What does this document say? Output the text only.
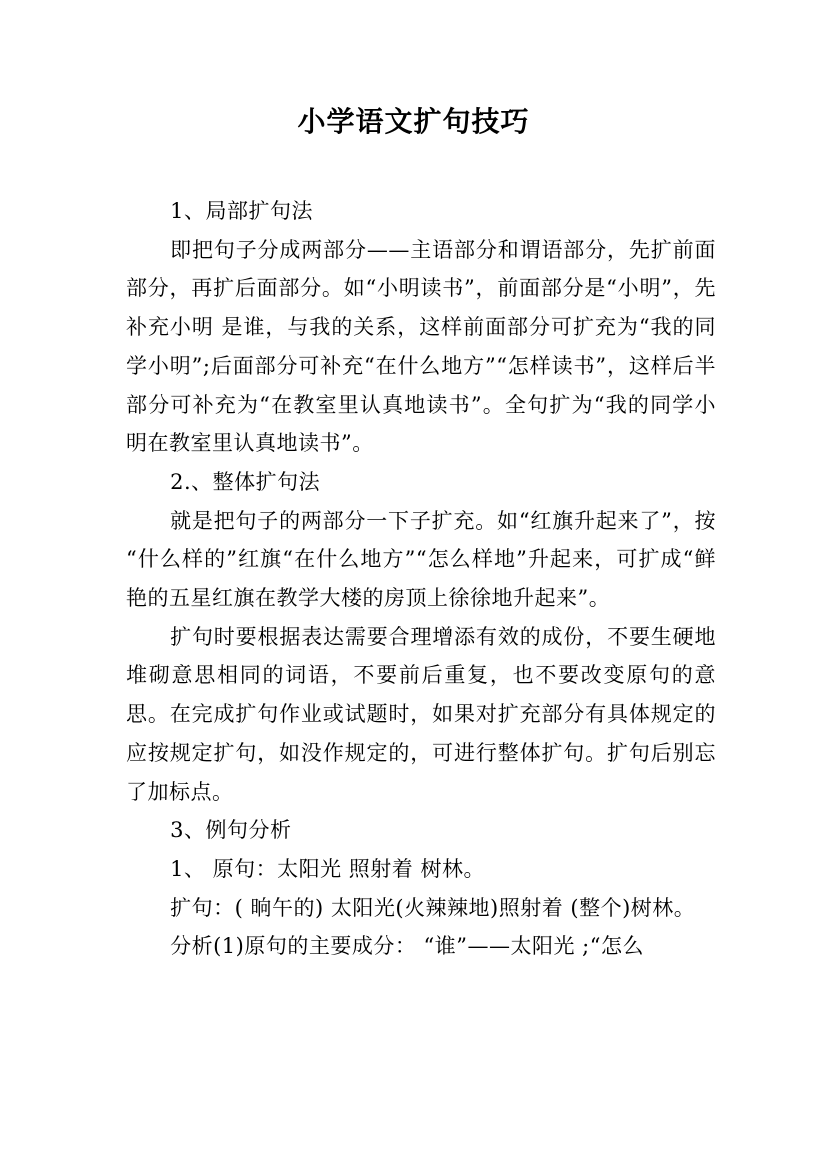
小学语文扩句技巧

1、局部扩句法

即把句子分成两部分——主语部分和谓语部分，先扩前面部分，再扩后面部分。如“小明读书”，前面部分是“小明”，先补充小明 是谁，与我的关系，这样前面部分可扩充为“我的同学小明”;后面部分可补充“在什么地方”“怎样读书”，这样后半部分可补充为“在教室里认真地读书”。全句扩为“我的同学小明在教室里认真地读书”。

2.、整体扩句法

就是把句子的两部分一下子扩充。如“红旗升起来了”，按 “什么样的”红旗“在什么地方”“怎么样地”升起来，可扩成“鲜艳的五星红旗在教学大楼的房顶上徐徐地升起来”。

扩句时要根据表达需要合理增添有效的成份，不要生硬地堆砌意思相同的词语，不要前后重复，也不要改变原句的意思。在完成扩句作业或试题时，如果对扩充部分有具体规定的应按规定扩句，如没作规定的，可进行整体扩句。扩句后别忘了加标点。

3、例句分析

1、 原句：太阳光 照射着 树林。

扩句：( 晌午的) 太阳光(火辣辣地)照射着 (整个)树林。

分析(1)原句的主要成分： “谁”——太阳光 ;“怎么
